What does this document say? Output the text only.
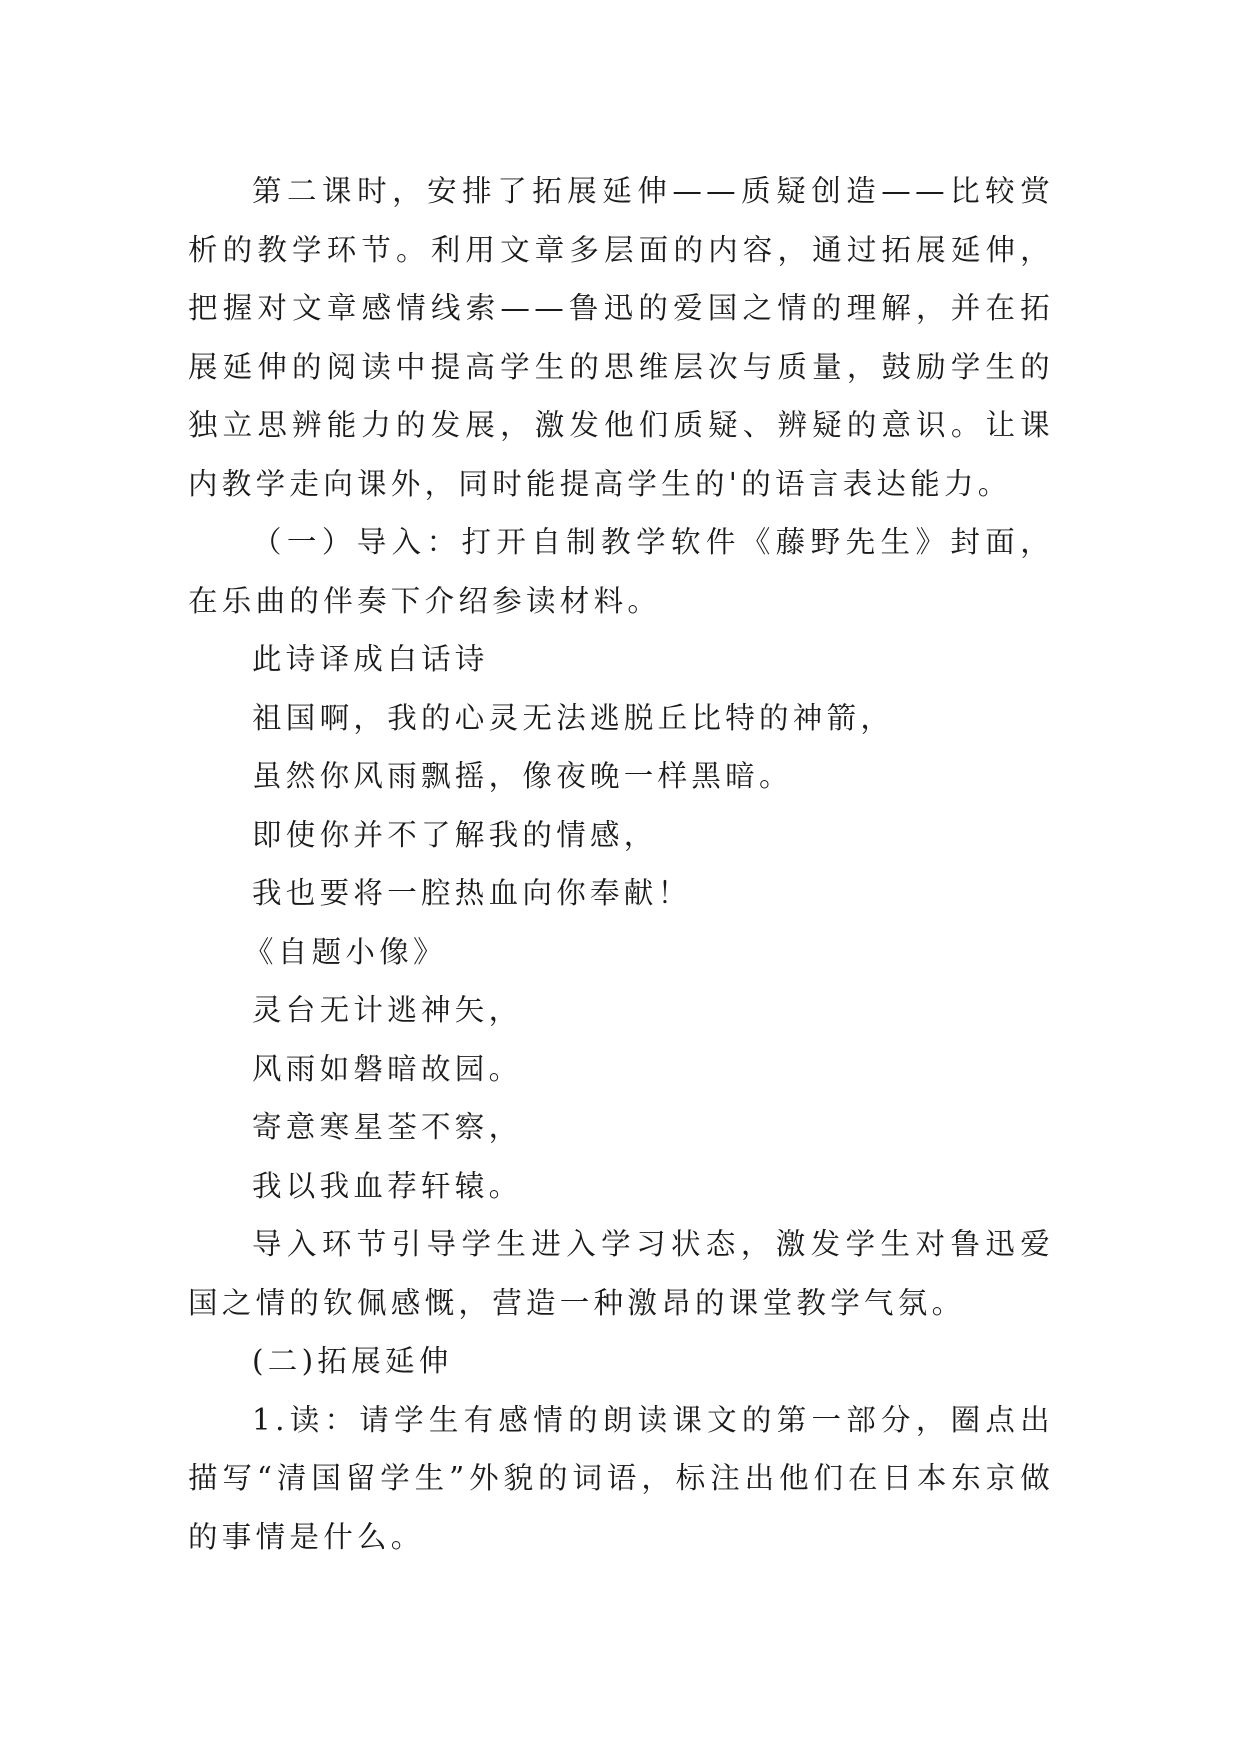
第二课时，安排了拓展延伸——质疑创造——比较赏析的教学环节。利用文章多层面的内容，通过拓展延伸，把握对文章感情线索——鲁迅的爱国之情的理解，并在拓展延伸的阅读中提高学生的思维层次与质量，鼓励学生的独立思辨能力的发展，激发他们质疑、辨疑的意识。让课内教学走向课外，同时能提高学生的'的语言表达能力。

（一）导入：打开自制教学软件《藤野先生》封面，在乐曲的伴奏下介绍参读材料。

此诗译成白话诗

祖国啊，我的心灵无法逃脱丘比特的神箭，

虽然你风雨飘摇，像夜晚一样黑暗。

即使你并不了解我的情感，

我也要将一腔热血向你奉献！

《自题小像》

灵台无计逃神矢，

风雨如磐暗故园。

寄意寒星荃不察，

我以我血荐轩辕。

导入环节引导学生进入学习状态，激发学生对鲁迅爱国之情的钦佩感慨，营造一种激昂的课堂教学气氛。

(二)拓展延伸

1.读：请学生有感情的朗读课文的第一部分，圈点出描写“清国留学生”外貌的词语，标注出他们在日本东京做的事情是什么。
